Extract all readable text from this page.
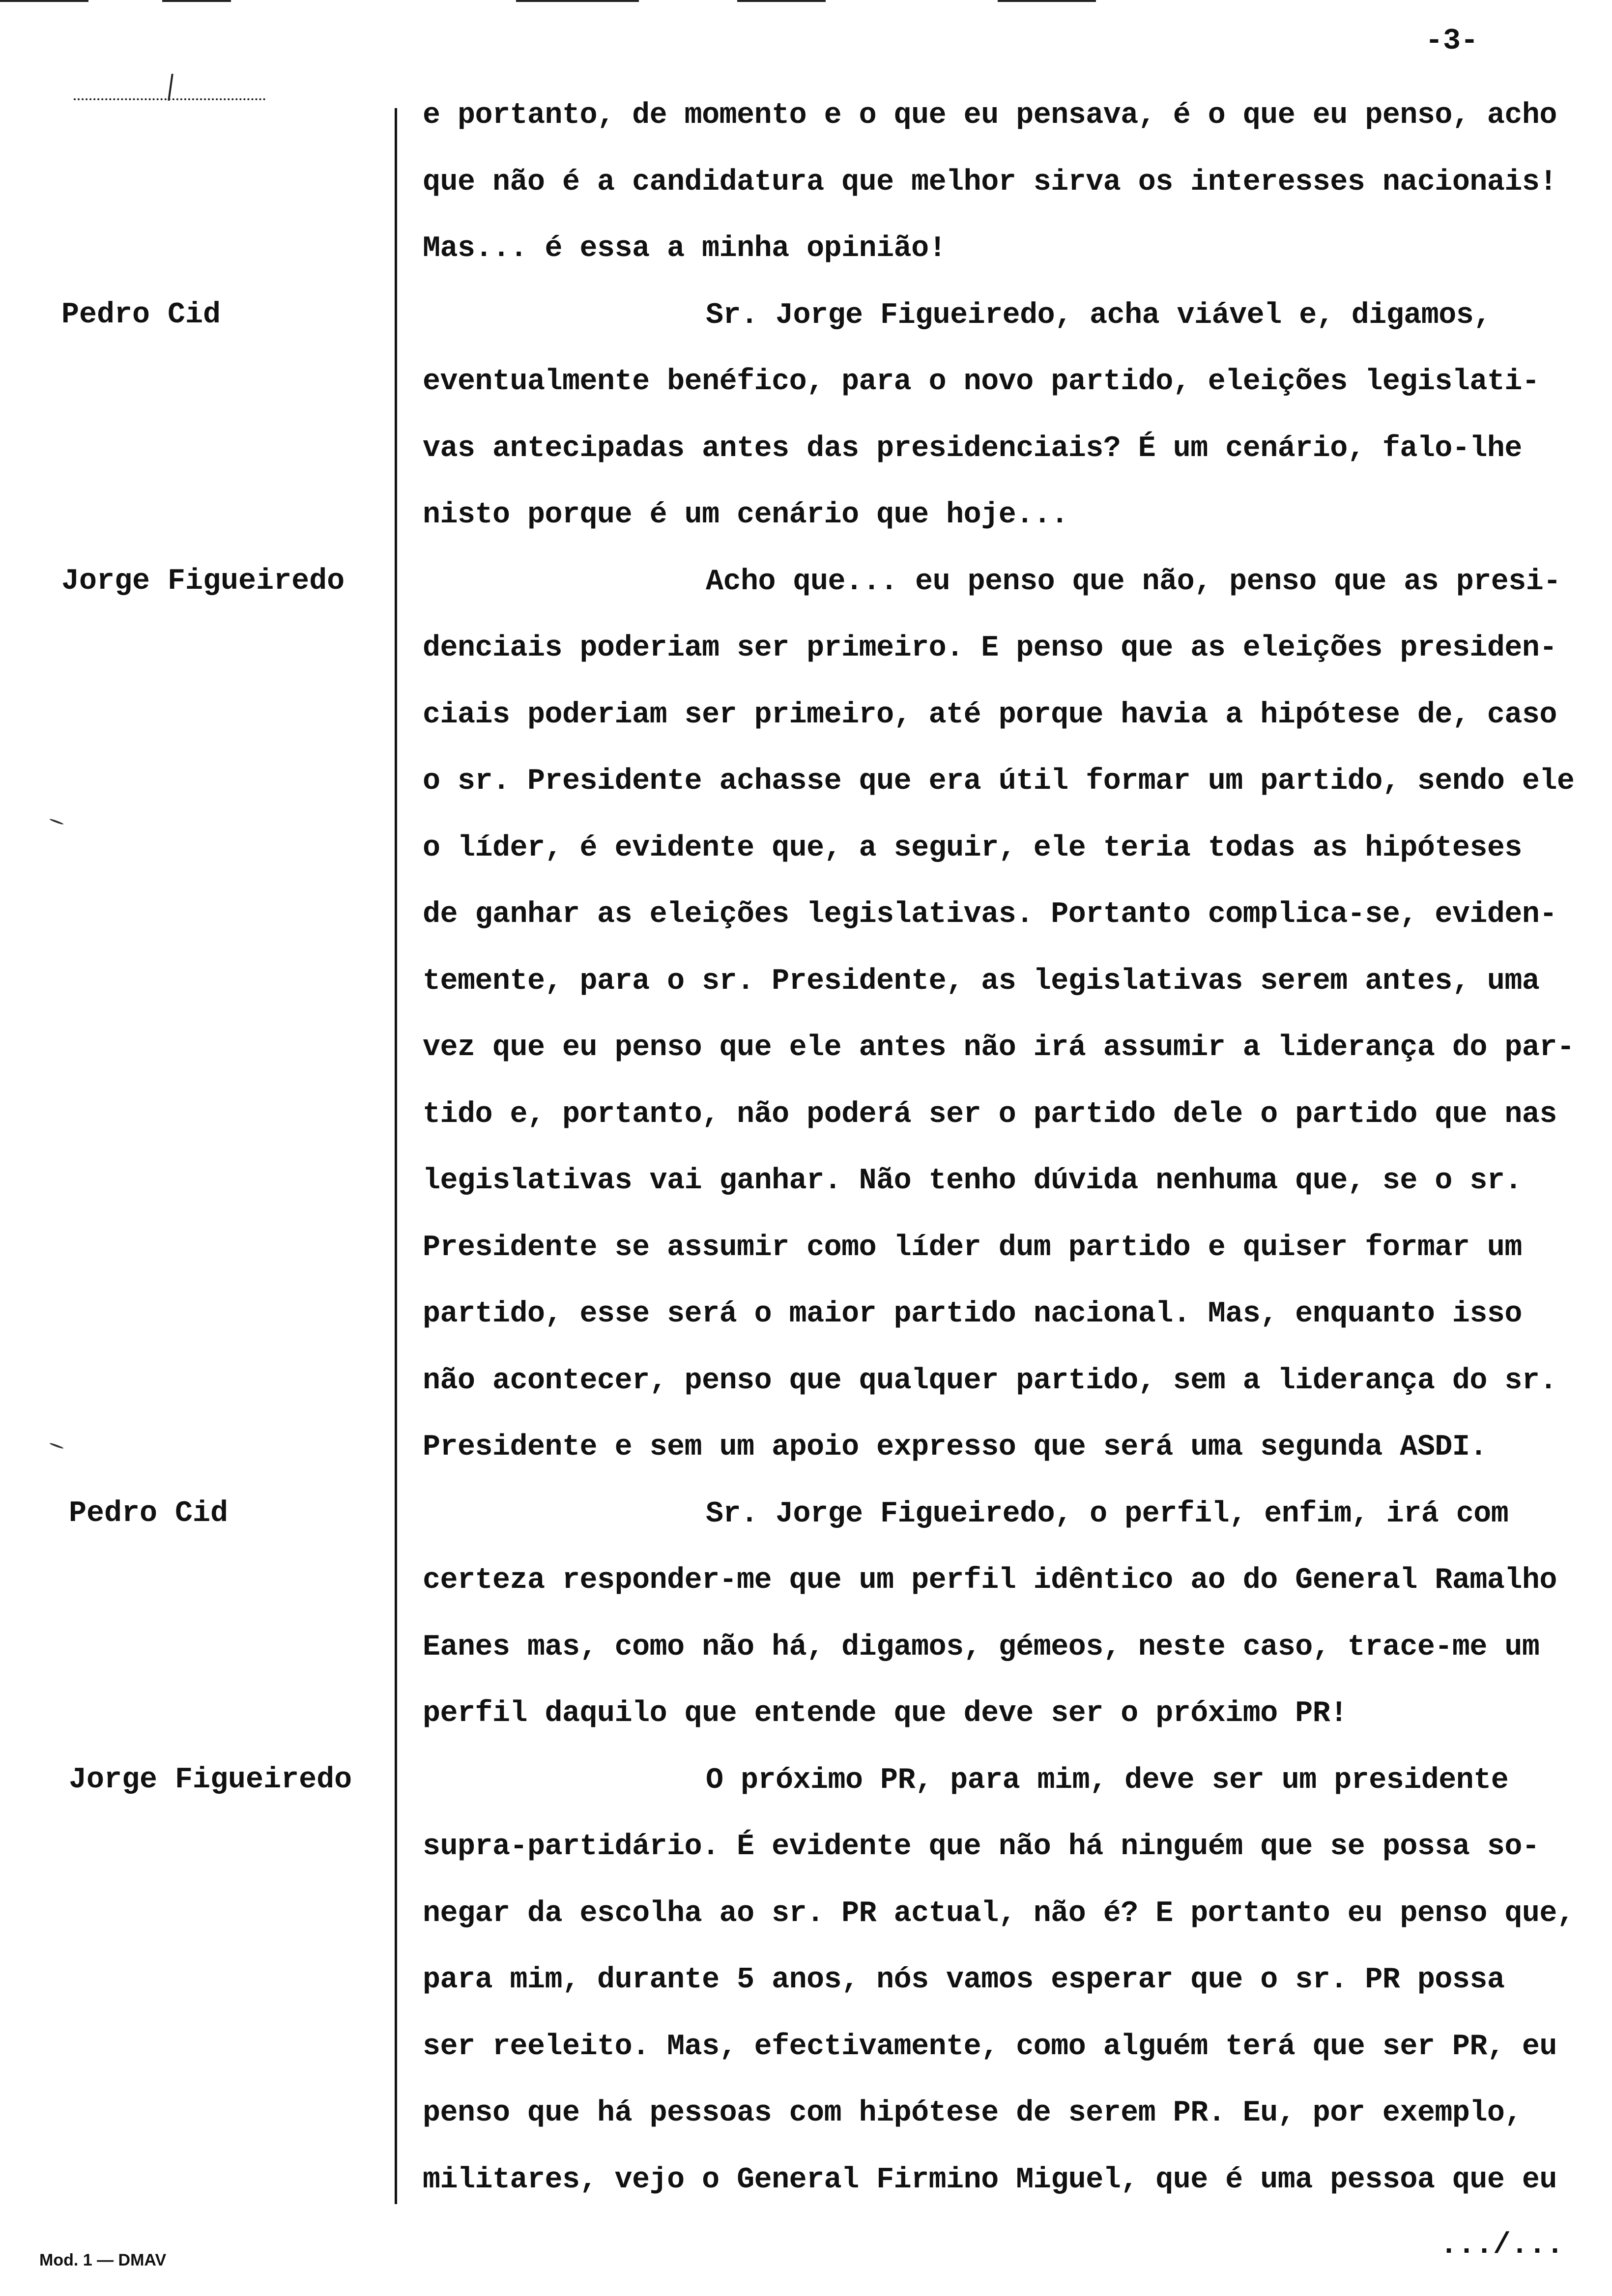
-3-
Pedro Cid
Jorge Figueiredo
Pedro Cid
Jorge Figueiredo
e portanto, de momento e o que eu pensava, é o que eu penso, acho
que não é a candidatura que melhor sirva os interesses nacionais!
Mas... é essa a minha opinião!
Sr. Jorge Figueiredo, acha viável e, digamos,
eventualmente benéfico, para o novo partido, eleições legislati-
vas antecipadas antes das presidenciais? É um cenário, falo-lhe
nisto porque é um cenário que hoje...
Acho que... eu penso que não, penso que as presi-
denciais poderiam ser primeiro. E penso que as eleições presiden-
ciais poderiam ser primeiro, até porque havia a hipótese de, caso
o sr. Presidente achasse que era útil formar um partido, sendo ele
o líder, é evidente que, a seguir, ele teria todas as hipóteses
de ganhar as eleições legislativas. Portanto complica-se, eviden-
temente, para o sr. Presidente, as legislativas serem antes, uma
vez que eu penso que ele antes não irá assumir a liderança do par-
tido e, portanto, não poderá ser o partido dele o partido que nas
legislativas vai ganhar. Não tenho dúvida nenhuma que, se o sr.
Presidente se assumir como líder dum partido e quiser formar um
partido, esse será o maior partido nacional. Mas, enquanto isso
não acontecer, penso que qualquer partido, sem a liderança do sr.
Presidente e sem um apoio expresso que será uma segunda ASDI.
Sr. Jorge Figueiredo, o perfil, enfim, irá com
certeza responder-me que um perfil idêntico ao do General Ramalho
Eanes mas, como não há, digamos, gémeos, neste caso, trace-me um
perfil daquilo que entende que deve ser o próximo PR!
O próximo PR, para mim, deve ser um presidente
supra-partidário. É evidente que não há ninguém que se possa so-
negar da escolha ao sr. PR actual, não é? E portanto eu penso que,
para mim, durante 5 anos, nós vamos esperar que o sr. PR possa
ser reeleito. Mas, efectivamente, como alguém terá que ser PR, eu
penso que há pessoas com hipótese de serem PR. Eu, por exemplo,
militares, vejo o General Firmino Miguel, que é uma pessoa que eu
.../...
Mod. 1 — DMAV
